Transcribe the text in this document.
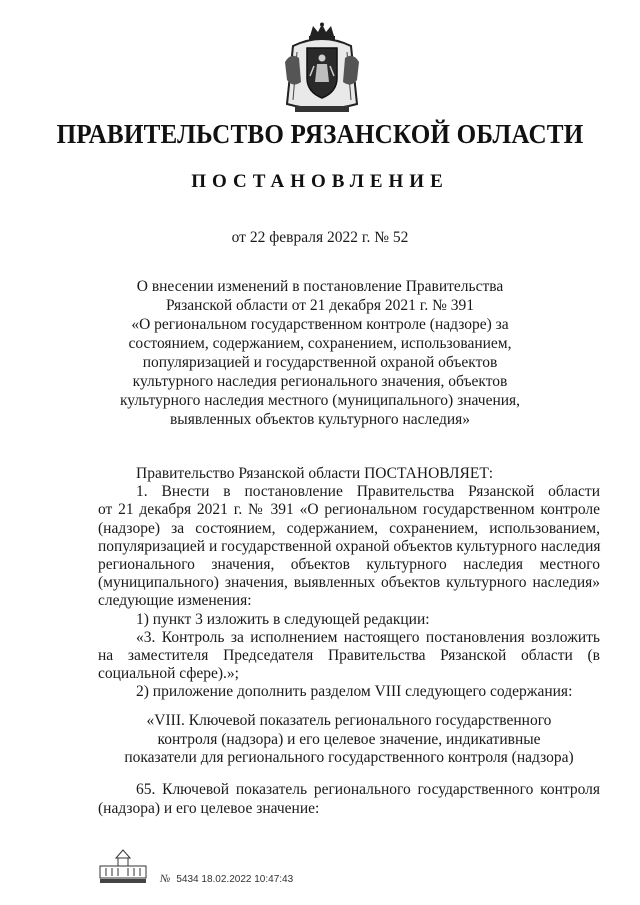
ПРАВИТЕЛЬСТВО РЯЗАНСКОЙ ОБЛАСТИ
ПОСТАНОВЛЕНИЕ
от 22 февраля 2022 г. № 52
О внесении изменений в постановление Правительства
Рязанской области от 21 декабря 2021 г. № 391
«О региональном государственном контроле (надзоре) за
состоянием, содержанием, сохранением, использованием,
популяризацией и государственной охраной объектов
культурного наследия регионального значения, объектов
культурного наследия местного (муниципального) значения,
выявленных объектов культурного наследия»

Правительство Рязанской области ПОСТАНОВЛЯЕТ:

1. Внести в постановление Правительства Рязанской области
от 21 декабря 2021 г. № 391 «О региональном государственном контроле
(надзоре) за состоянием, содержанием, сохранением, использованием,
популяризацией и государственной охраной объектов культурного наследия
регионального значения, объектов культурного наследия местного
(муниципального) значения, выявленных объектов культурного наследия»
следующие изменения:

1) пункт 3 изложить в следующей редакции:

«3. Контроль за исполнением настоящего постановления возложить на заместителя Председателя Правительства Рязанской области (в социальной сфере).»;

2) приложение дополнить разделом VIII следующего содержания:

«VIII. Ключевой показатель регионального государственного
контроля (надзора) и его целевое значение, индикативные
показатели для регионального государственного контроля (надзора)

65. Ключевой показатель регионального государственного контроля (надзора) и его целевое значение:

№ 5434 18.02.2022 10:47:43
